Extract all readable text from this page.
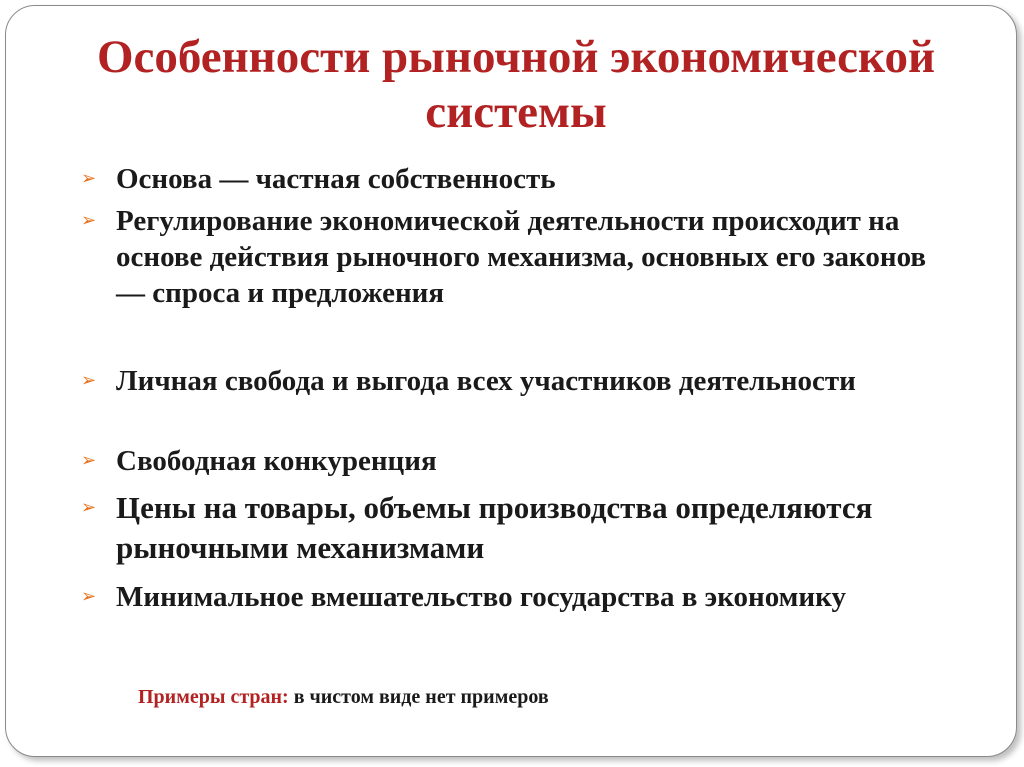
Особенности рыночной экономической системы
➢ Основа — частная собственность
➢ Регулирование экономической деятельности происходит на основе действия рыночного механизма, основных его законов — спроса и предложения
➢ Личная свобода и выгода всех участников деятельности
➢ Свободная конкуренция
➢ Цены на товары, объемы производства определяются рыночными механизмами
➢ Минимальное вмешательство государства в экономику
Примеры стран: в чистом виде нет примеров
